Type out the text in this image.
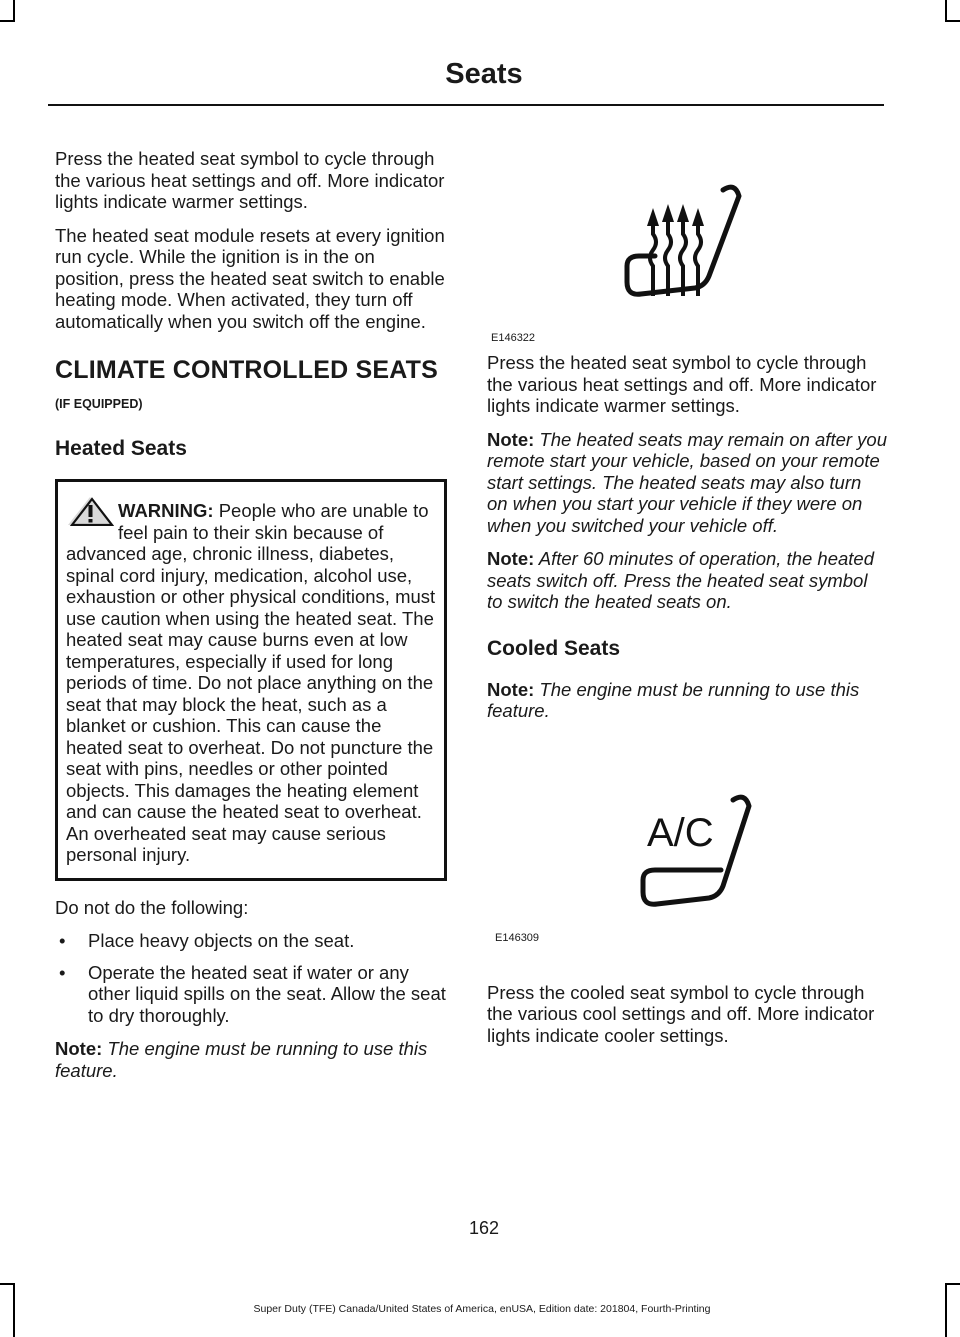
Seats

Press the heated seat symbol to cycle through the various heat settings and off. More indicator lights indicate warmer settings.

The heated seat module resets at every ignition run cycle. While the ignition is in the on position, press the heated seat switch to enable heating mode. When activated, they turn off automatically when you switch off the engine.

CLIMATE CONTROLLED SEATS
(IF EQUIPPED)
Heated Seats

WARNING: People who are unable to feel pain to their skin because of advanced age, chronic illness, diabetes, spinal cord injury, medication, alcohol use, exhaustion or other physical conditions, must use caution when using the heated seat. The heated seat may cause burns even at low temperatures, especially if used for long periods of time. Do not place anything on the seat that may block the heat, such as a blanket or cushion. This can cause the heated seat to overheat. Do not puncture the seat with pins, needles or other pointed objects. This damages the heating element and can cause the heated seat to overheat. An overheated seat may cause serious personal injury.

Do not do the following:

• Place heavy objects on the seat.
• Operate the heated seat if water or any other liquid spills on the seat. Allow the seat to dry thoroughly.

Note: The engine must be running to use this feature.

E146322

Press the heated seat symbol to cycle through the various heat settings and off. More indicator lights indicate warmer settings.

Note: The heated seats may remain on after you remote start your vehicle, based on your remote start settings. The heated seats may also turn on when you start your vehicle if they were on when you switched your vehicle off.

Note: After 60 minutes of operation, the heated seats switch off. Press the heated seat symbol to switch the heated seats on.

Cooled Seats

Note: The engine must be running to use this feature.

A/C
E146309

Press the cooled seat symbol to cycle through the various cool settings and off. More indicator lights indicate cooler settings.

162
Super Duty (TFE) Canada/United States of America, enUSA, Edition date: 201804, Fourth-Printing
